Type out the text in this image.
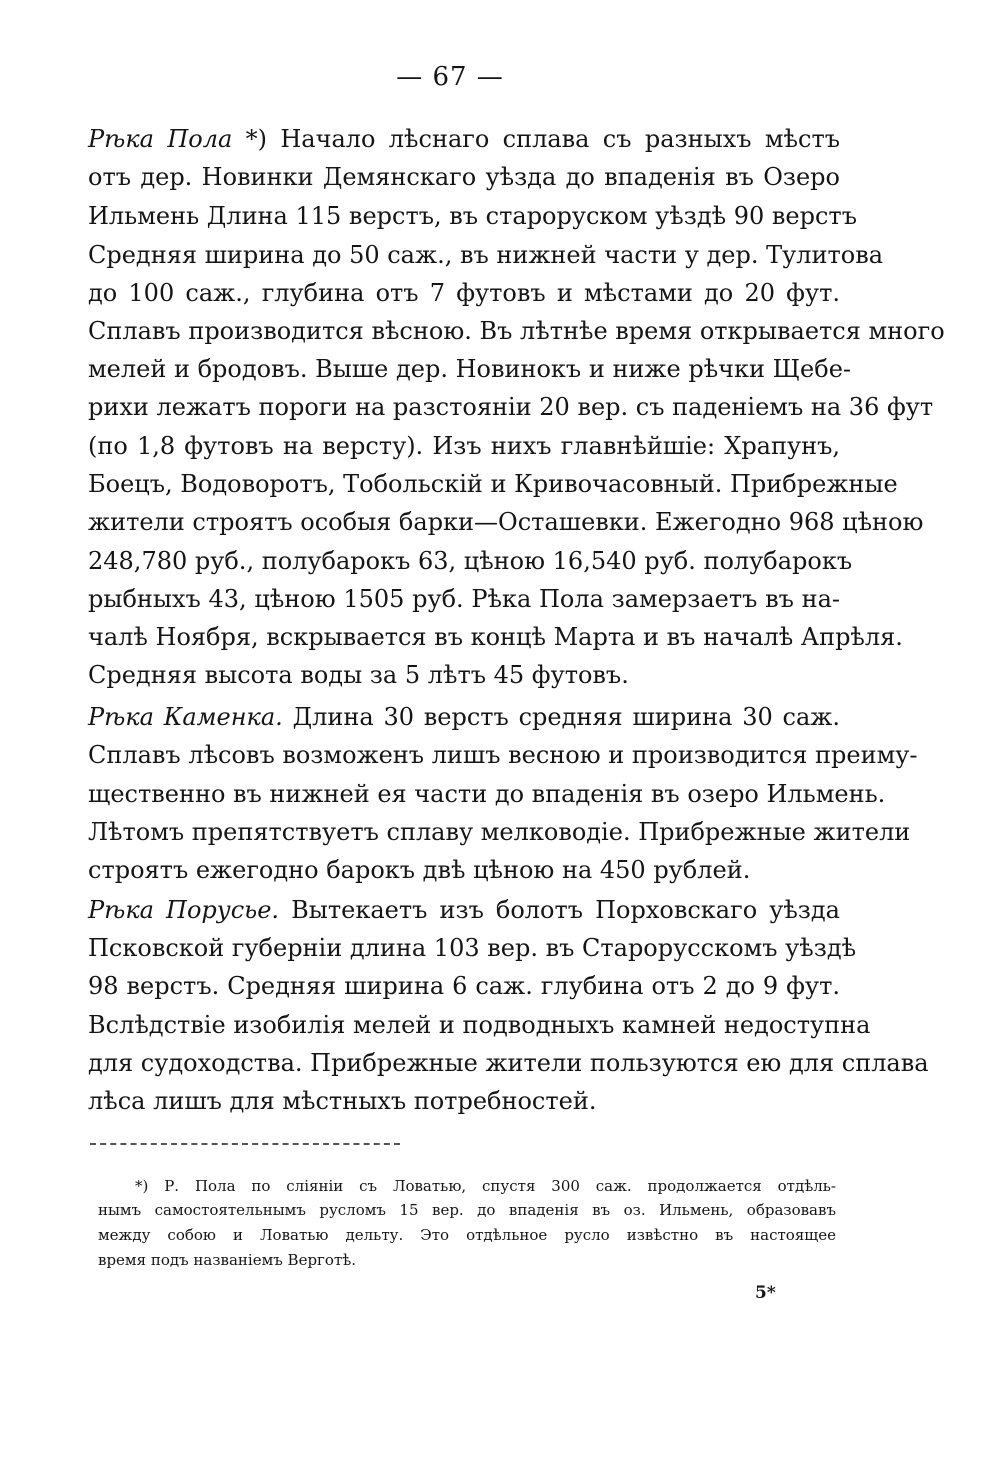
— 67 —
Рѣка Пола *) Начало лѣснаго сплава съ разныхъ мѣстъ
отъ дер. Новинки Демянскаго уѣзда до впаденія въ Озеро
Ильмень Длина 115 верстъ, въ староруском уѣздѣ 90 верстъ
Средняя ширина до 50 саж., въ нижней части у дер. Тулитова
до 100 саж., глубина отъ 7 футовъ и мѣстами до 20 фут.
Сплавъ производится вѣсною. Въ лѣтнѣе время открывается много
мелей и бродовъ. Выше дер. Новинокъ и ниже рѣчки Щебе-
рихи лежатъ пороги на разстояніи 20 вер. съ паденіемъ на 36 фут
(по 1,8 футовъ на версту). Изъ нихъ главнѣйшіе: Храпунъ,
Боецъ, Водоворотъ, Тобольскій и Кривочасовный. Прибрежные
жители строятъ особыя барки—Осташевки. Ежегодно 968 цѣною
248,780 руб., полубарокъ 63, цѣною 16,540 руб. полубарокъ
рыбныхъ 43, цѣною 1505 руб. Рѣка Пола замерзаетъ въ на-
чалѣ Ноября, вскрывается въ концѣ Марта и въ началѣ Апрѣля.
Средняя высота воды за 5 лѣтъ 45 футовъ.
Рѣка Каменка. Длина 30 верстъ средняя ширина 30 саж.
Сплавъ лѣсовъ возможенъ лишъ весною и производится преиму-
щественно въ нижней ея части до впаденія въ озеро Ильмень.
Лѣтомъ препятствуетъ сплаву мелководіе. Прибрежные жители
строятъ ежегодно барокъ двѣ цѣною на 450 рублей.
Рѣка Порусье. Вытекаетъ изъ болотъ Порховскаго уѣзда
Псковской губерніи длина 103 вер. въ Старорусскомъ уѣздѣ
98 верстъ. Средняя ширина 6 саж. глубина отъ 2 до 9 фут.
Вслѣдствіе изобилія мелей и подводныхъ камней недоступна
для судоходства. Прибрежные жители пользуются ею для сплава
лѣса лишъ для мѣстныхъ потребностей.
*) Р. Пола по сліяніи съ Ловатью, спустя 300 саж. продолжается отдѣль-
нымъ самостоятельнымъ русломъ 15 вер. до впаденія въ оз. Ильмень, образовавъ
между собою и Ловатью дельту. Это отдѣльное русло извѣстно въ настоящее
время подъ названіемъ Верготѣ.
5*
